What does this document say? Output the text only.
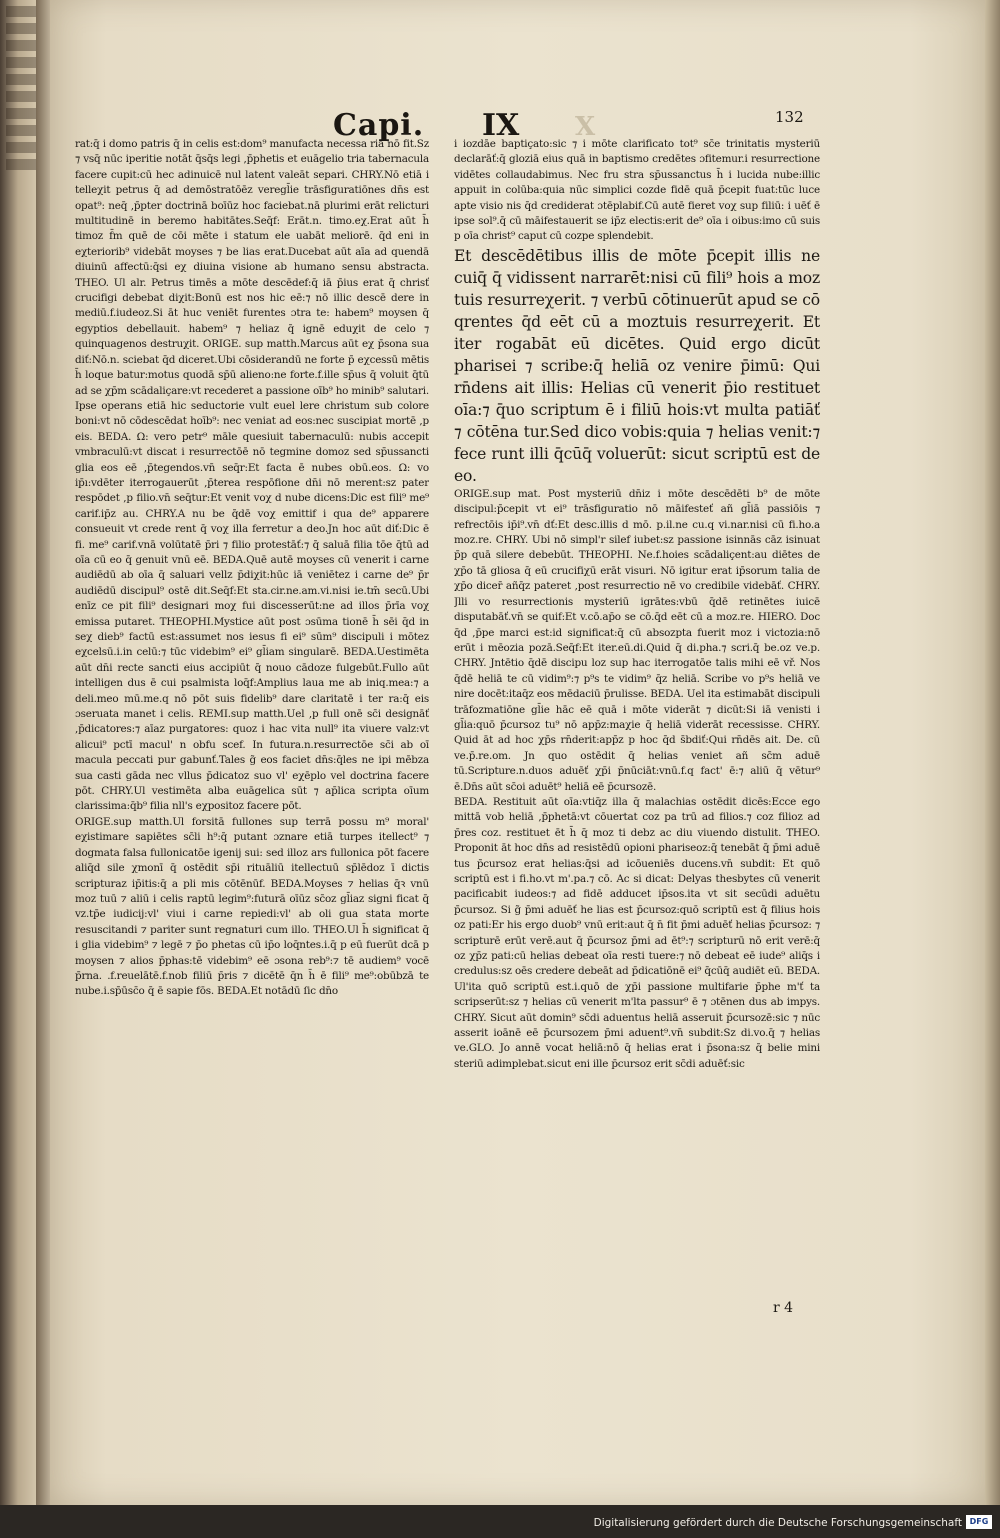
Capi. IX X	132

rat:q̄ i domo patris q̄ in celis est:dom⁹ manufacta necessa ria nō fit.Sz ⁊ vsq̄ nūc iperitie notāt q̄sq̄s legi ,p̄phetis et euāgelio tria tabernacula facere cupit:cū hec adinuicē nul latent valeāt separi. CHRY.Nō etiā i telleχit petrus q̄ ad demōstratōēz veregl̄ie trāsfiguratiōnes dn̄s est opat⁹: neq̄ ,p̄pter doctrinā boīūz hoc faciebat.nā plurimi erāt relicturi multitudinē in beremo habitātes.Seq̄f: Erāt.n. timo.eχ.Erat aūt h̄ timoz f̄m quē de cōi mēte i statum ele uabāt meliorē. q̄d eni in eχteriorib⁹ videbāt moyses ⁊ be lias erat.Ducebat aūt aīa ad quendā diuinū affectū:q̄si eχ diuina visione ab humano sensu abstracta. THEO. Ul alr. Petrus timēs a mōte descēdef:q̄ iā p̄ius erat q̄ chrisť crucifigi debebat diχit:Bonū est nos hic eē:⁊ nō illic descē dere in mediū.f.iudeoz.Si āt huc veniēt furentes ɔtra te: habem⁹ moysen q̄ egyptios debellauit. habem⁹ ⁊ heliaz q̄ ignē eduχit de celo ⁊ quinquagenos destruχit. ORIGE. sup matth.Marcus aūt eχ p̄sona sua diť:Nō.n. sciebat q̄d diceret.Ubi cōsiderandū ne forte p̄ eχcessū mētis h̄ loque batur:motus quodā sp̄ū alieno:ne forte.f.ille sp̄us q̄ voluit q̄tū ad se χp̄m scādaliçare:vt recederet a passione oīb⁹ ho minib⁹ salutari. Ipse operans etiā hic seductorie vult euel lere christum sub colore boni:vt nō cōdescēdat hoīb⁹: nec veniat ad eos:nec suscipiat mortē ,p eis. BEDA. Ω: vero petr⁹ māle quesiuit tabernaculū: nubis accepit vmbraculū:vt discat i resurrectōē nō tegmine domoz sed sp̄ussancti glia eos eē ,p̄tegendos.vn̄ seq̄r:Et facta ē nubes obū.eos. Ω: vo ip̄ı:vdēter iterrogauerūt ,p̄terea respōfione dn̄i nō merent:sz pater respōdet ,p filio.vn̄ seq̄tur:Et venit voχ d nube dicens:Dic est fili⁹ me⁹ carif.ip̄z au. CHRY.A nu be q̄dē voχ emittif i qua de⁹ apparere consueuit vt crede rent q̄ voχ illa ferretur a deo.Jn hoc aūt diť:Dic ē fi. me⁹ carif.vnā volūtatē p̄ri ⁊ filio protestāť:⁊ q̄ saluā filia tōe q̄tū ad oīa cū eo q̄ genuit vnū eē. BEDA.Quē autē moyses cū venerit i carne audiēdū ab oīa q̄ saluari vellz p̄diχit:hūc iā veniētez i carne de⁹ p̄r audiēdū discipul⁹ ostē dit.Seq̄f:Et sta.cir.ne.am.vi.nisi ie.tm̄ secū.Ubi enīz ce pit fili⁹ designari moχ fui discesserūt:ne ad illos p̄rīa voχ emissa putaret. THEOPHI.Mystice aūt post ɔsūma tionē h̄ sēi q̄d in seχ dieb⁹ factū est:assumet nos iesus fi ei⁹ sūm⁹ discipuli i mōtez eχcelsū.i.in celū:⁊ tūc videbim⁹ ei⁹ gl̄iam singularē. BEDA.Uestimēta aūt dn̄i recte sancti eius accipiūt q̄ nouo cādoze fulgebūt.Fullo aūt intelligen dus ē cui psalmista loq̄f:Amplius laua me ab iniq.mea:⁊ a deli.meo mū.me.q nō pōt suis fidelib⁹ dare claritatē i ter ra:q̄ eis ɔseruata manet i celis. REMI.sup matth.Uel ,p full onē sc̄i designāť ,p̄dicatores:⁊ aīaz purgatores: quoz i hac vita null⁹ ita viuere valz:vt alicui⁹ pctī macul' n obfu scef. In futura.n.resurrectōe sc̄i ab oī macula peccati pur gabunť.Tales g̃ eos faciet dn̄s:q̄les ne ipi mēbza sua casti gāda nec vllus p̄dicatoz suo vl' eχēplo vel doctrina facere pōt. CHRY.Ul vestimēta alba euāgelica sūt ⁊ ap̄lica scripta oīum clarissima:q̄b⁹ filia nll's eχpositoz facere pōt.

ORIGE.sup matth.Ul forsitā fullones sup terrā possu m⁹ moral' eχistimare sapiētes sc̄li h⁹:q̄ putant ɔznare etiā turpes itellect⁹ ⁊ dogmata falsa fullonicatōe igenij sui: sed illoz ars fullonica pōt facere aliq̄d sile χmonī q̄ ostēdit sp̄i rituāliū itellectuū sp̄lēdoz ī dictis scripturaz ip̄itis:q̄ a pli mis cōtēnūf. BEDA.Moyses ⁊ helias q̄ꝛ vnū moz tuū ⁊ aliū i celis raptū legim⁹:futurā oīūz sc̄oz gl̄iaz signi ficat q̄ vz.tp̄e iudicij:vl' viui i carne repiedi:vl' ab oli gua stata morte resuscitandi ⁊ pariter sunt regnaturi cum illo. THEO.Ul h̄ significat q̄ i glia videbim⁹ ⁊ legē ⁊ p̄o phetas cū ip̄o loq̄ntes.i.q̄ p eū fuerūt dcā p moysen ⁊ alios p̄phas:tē videbim⁹ eē ɔsona reb⁹:⁊ tē audiem⁹ vocē p̄rna. .f.reuelātē.f.nob filiū p̄ris ⁊ dicētē q̄n h̄ ē fili⁹ me⁹:obūbzā te nube.i.sp̄ūsc̄o q̄ ē sapie fōs. BEDA.Et notādū ſic dn̄o

i iozdāe baptiçato:sic ⁊ i mōte clarificato tot⁹ sc̄e trinitatis mysteriū declarāť:q̄ gloziā eius quā in baptismo credētes ɔfitemur.i resurrectione vidētes collaudabimus. Nec fru stra sp̄ussanctus h̄ i lucida nube:illic appuit in colūba:quia nūc simplici cozde fidē quā p̄cepit fuat:tūc luce apte visio nis q̄d crediderat ɔtēplabif.Cū autē fieret voχ sup filiū: i uēť ē ipse sol⁹.q̄ cū māifestauerit se ip̄z electis:erit de⁹ oīa i oibus:imo cū suis p oīa christ⁹ caput cū cozpe splendebit.

Et descēdētibus illis de mōte p̄cepit illis ne cuiq̄ q̄ vidissent narrarēt:nisi cū fili⁹ hois a moz tuis resurreχerit. ⁊ verbū cōtinuerūt apud se cō qrentes q̄d eēt cū a moztuis resurreχerit. Et iter rogabāt eū dicētes. Quid ergo dicūt pharisei ⁊ scribe:q̄ heliā oz venire p̄imū: Qui rn̄dens ait illis: Helias cū venerit p̄io restituet oīa:⁊ q̄uo scriptum ē i filiū hois:vt multa patiāť ⁊ cōtēna tur.Sed dico vobis:quia ⁊ helias venit:⁊ fece runt illi q̄cūq̄ voluerūt: sicut scriptū est de eo.

ORIGE.sup mat. Post mysteriū dn̄iz i mōte descēdēti b⁹ de mōte discipul:p̄cepit vt ei⁹ trāsfiguratio nō māifesteť añ gl̄iā passiōis ⁊ refrectōis ip̄i⁹.vn̄ dť:Et desc.illis d mō. p.il.ne cu.q vi.nar.nisi cū fi.ho.a moz.re. CHRY. Ubi nō simpl'r silef iubet:sz passione isinnās cāz isinuat p̄p quā silere debebūt. THEOPHI. Ne.f.hoies scādaliçent:au diētes de χp̄o tā gliosa q̄ eū crucifiχū erāt visuri. Nō igitur erat ip̄sorum talia de χp̄o dicer̄ añq̄z pateret ,post resurrectio nē vo credibile videbāť. CHRY. Jlli vo resurrectionis mysteriū igrātes:vbū q̄dē retinētes iuicē disputabāť.vn̄ se quif:Et v.cō.ap̄o se cō.q̄d eēt cū a moz.re. HIERO. Doc q̄d ,p̄pe marci est:id significat:q̄ cū absozpta fuerit moz i victozia:nō erūt i mēozia pozā.Seq̄f:Et iter.eū.di.Quid q̄ di.pha.⁊ scri.q̄ be.oz ve.p. CHRY. Jntētio q̄dē discipu loz sup hac iterrogatōe talis mihi eē vř. Nos q̄dē heliā te cū vidim⁹:⁊ p⁹s te vidim⁹ q̄z heliā. Scribe vo p⁹s heliā ve nire docēt:itaq̄z eos mēdaciū p̄rulisse. BEDA. Uel ita estimabāt discipuli trāfozmatiōne gl̄ie hāc eē quā i mōte viderāt ⁊ dicūt:Si iā venisti i gl̄ia:quō p̄cursoz tu⁹ nō app̄z:maχie q̄ heliā viderāt recessisse. CHRY. Quid āt ad hoc χp̄s rn̄derit:app̄z p hoc q̄d s̄bdiť:Qui rn̄dēs ait. De. cū ve.p̄.re.om. Jn quo ostēdit q̄ helias veniet añ sc̄m aduē tū.Scripture.n.duos aduēť χp̄i p̄nūciāt:vnū.f.q fact' ē:⁊ aliū q̄ vētur⁹ ē.Dn̄s aūt sc̄oi aduēt⁹ heliā eē p̄cursozē.

BEDA. Restituit aūt oīa:vtiq̄z illa q̄ malachias ostēdit dicēs:Ecce ego mittā vob heliā ,p̄phetā:vt cōuertat coz pa trū ad filios.⁊ coz filioz ad p̄res coz. restituet ēt h̄ q̄ moz ti debz ac diu viuendo distulit. THEO. Proponit āt hoc dn̄s ad resistēdū opioni phariseoz:q̄ tenebāt q̄ p̄mi aduē tus p̄cursoz erat helias:q̄si ad icōueniēs ducens.vn̄ subdit: Et quō scriptū est i fi.ho.vt m'.pa.⁊ cō. Ac si dicat: Delyas thesbytes cū venerit pacificabit iudeos:⁊ ad fidē adducet ip̄sos.ita vt sit secūdi aduētu p̄cursoz. Si g̃ p̄mi aduēť he lias est p̄cursoz:quō scriptū est q̄ filius hois oz pati:Er his ergo duob⁹ vnū erit:aut q̄ n̄ fit p̄mi aduēť helias p̄cursoz: ⁊ scripturē erūt verē.aut q̄ p̄cursoz p̄mi ad ēt⁹:⁊ scripturū nō erit verē:q̄ oz χp̄z pati:cū helias debeat oīa resti tuere:⁊ nō debeat eē iude⁹ aliq̄s i credulus:sz oēs credere debeāt ad p̄dicatiōnē ei⁹ q̄cūq̄ audiēt eū. BEDA. Ul'ita quō scriptū est.i.quō de χp̄i passione multifarie p̄phe m'ť ta scripserūt:sz ⁊ helias cū venerit m'lta passur⁹ ē ⁊ ɔtēnen dus ab impys. CHRY. Sicut aūt domin⁹ sc̄di aduentus heliā asseruit p̄cursozē:sic ⁊ nūc asserit ioānē eē p̄cursozem p̄mi aduent⁹.vn̄ subdit:Sz di.vo.q̄ ⁊ helias ve.GLO. Jo annē vocat heliā:nō q̄ helias erat i p̄sona:sz q̄ belie mini steriū adimplebat.sicut eni ille p̄cursoz erit sc̄di aduēť:sic

r 4
Digitalisierung gefördert durch die Deutsche Forschungsgemeinschaft DFG
